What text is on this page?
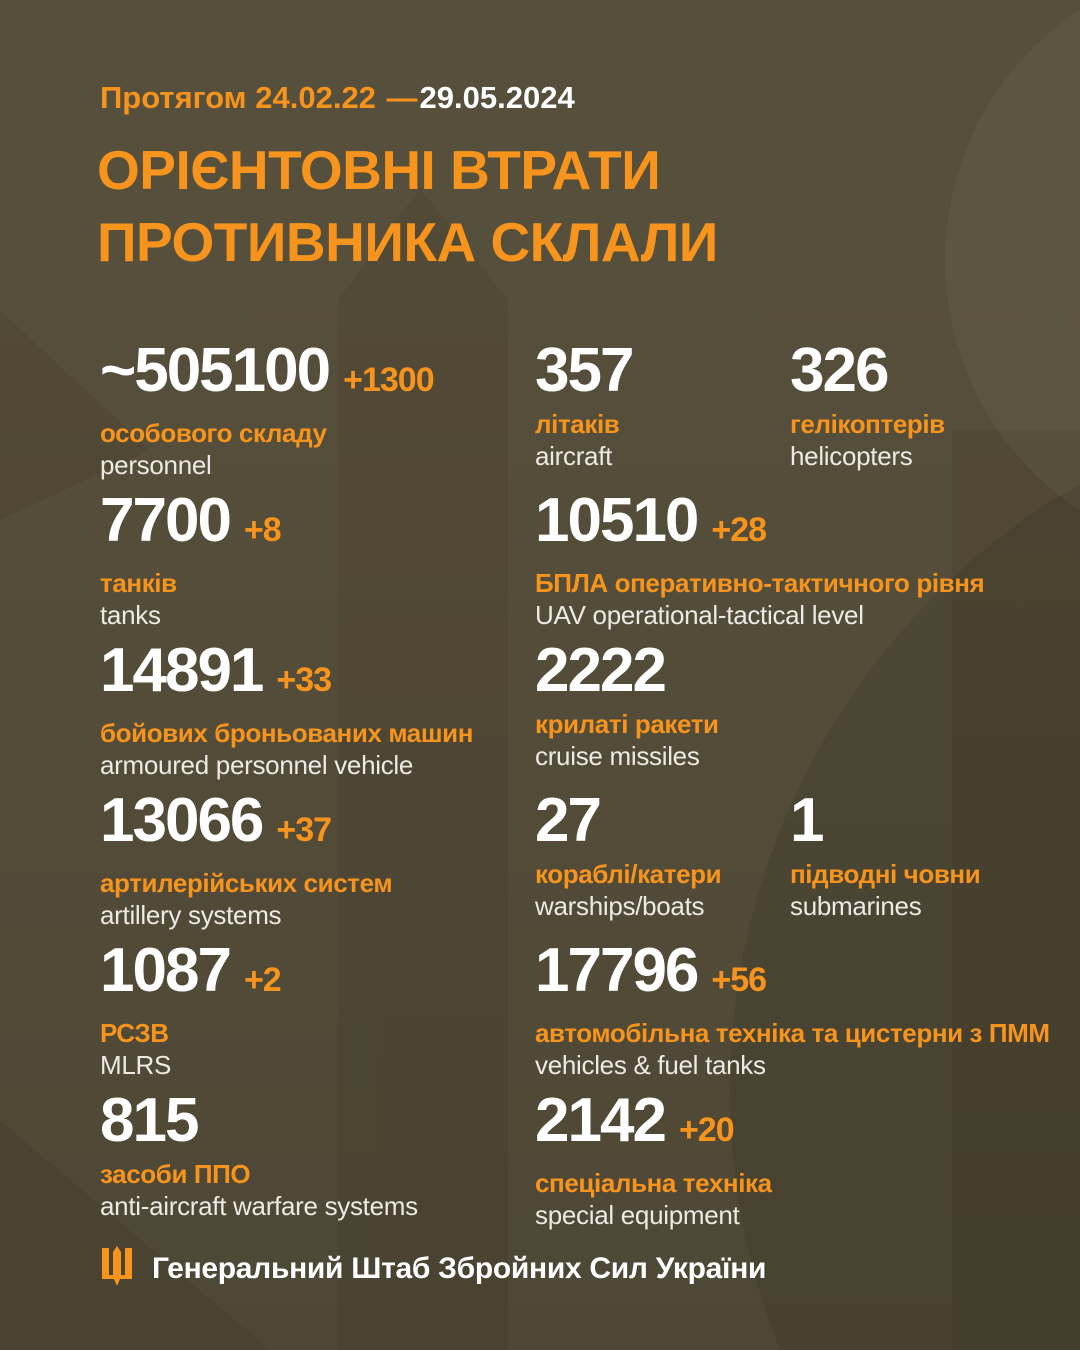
Протягом 24.02.22 —29.05.2024
ОРІЄНТОВНІ ВТРАТИ
ПРОТИВНИКА СКЛАЛИ
~505100 +1300
особового складу
personnel
357
літаків
aircraft
326
гелікоптерів
helicopters
7700 +8
танків
tanks
10510 +28
БПЛА оперативно-тактичного рівня
UAV operational-tactical level
14891 +33
бойових броньованих машин
armoured personnel vehicle
2222
крилаті ракети
cruise missiles
13066 +37
артилерійських систем
artillery systems
27
кораблі/катери
warships/boats
1
підводні човни
submarines
1087 +2
РСЗВ
MLRS
17796 +56
автомобільна техніка та цистерни з ПММ
vehicles & fuel tanks
815
засоби ППО
anti-aircraft warfare systems
2142 +20
спеціальна техніка
special equipment
Генеральний Штаб Збройних Сил України
